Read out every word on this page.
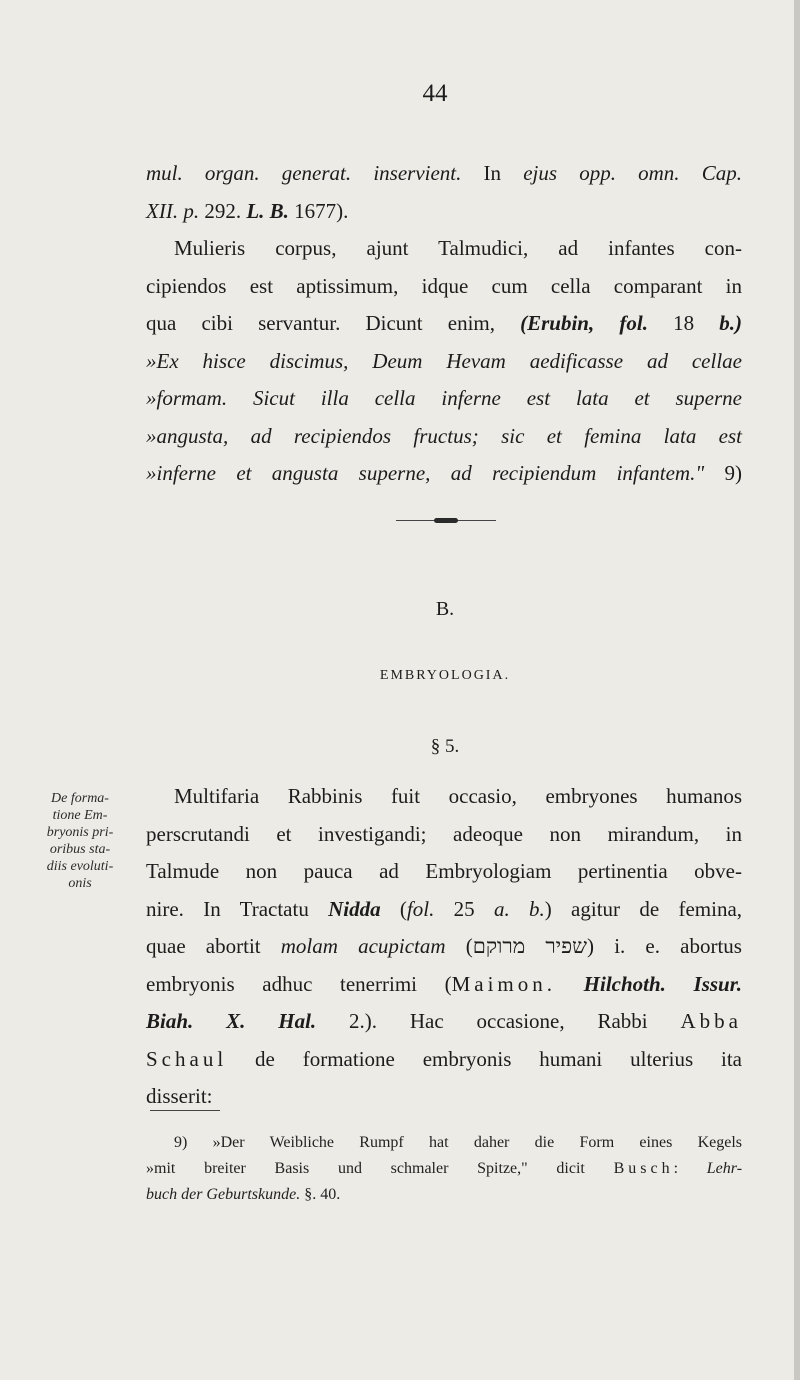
44
mul. organ. generat. inservient. In ejus opp. omn. Cap.
XII. p. 292. L. B. 1677).
Mulieris corpus, ajunt Talmudici, ad infantes con-
cipiendos est aptissimum, idque cum cella comparant in
qua cibi servantur. Dicunt enim, (Erubin, fol. 18 b.)
»Ex hisce discimus, Deum Hevam aedificasse ad cellae
»formam. Sicut illa cella inferne est lata et superne
»angusta, ad recipiendos fructus; sic et femina lata est
»inferne et angusta superne, ad recipiendum infantem." 9)
B.
EMBRYOLOGIA.
§ 5.
De forma-
tione Em-
bryonis pri-
oribus sta-
diis evoluti-
onis
Multifaria Rabbinis fuit occasio, embryones humanos
perscrutandi et investigandi; adeoque non mirandum, in
Talmude non pauca ad Embryologiam pertinentia obve-
nire. In Tractatu Nidda (fol. 25 a. b.) agitur de femina,
quae abortit molam acupictam (שפיר מרוקם) i. e. abortus
embryonis adhuc tenerrimi (Maimon. Hilchoth. Issur.
Biah. X. Hal. 2.). Hac occasione, Rabbi Abba
Schaul de formatione embryonis humani ulterius ita
disserit:
9) »Der Weibliche Rumpf hat daher die Form eines Kegels
»mit breiter Basis und schmaler Spitze," dicit Busch: Lehr-
buch der Geburtskunde. §. 40.
